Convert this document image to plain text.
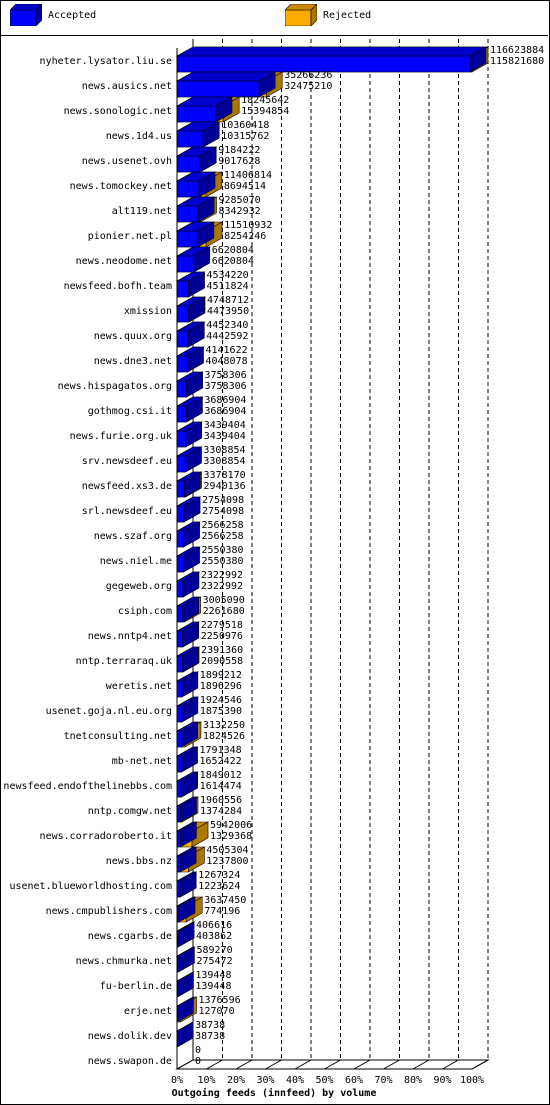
Accepted	Rejected
0% 10% 20% 30% 40% 50% 60% 70% 80% 90% 100%
nyheter.lysator.liu.se
116623884
115821680
news.ausics.net
35266236
32475210
news.sonologic.net
18245642
15394854
news.1d4.us
10360418
10315762
news.usenet.ovh
9184222
9017628
news.tomockey.net
11406814
8694514
alt119.net
9285070
8342932
pionier.net.pl
11510932
8254246
news.neodome.net
6620804
6620804
newsfeed.bofh.team
4534220
4511824
xmission
4748712
4473950
news.quux.org
4452340
4442592
news.dne3.net
4141622
4048078
news.hispagatos.org
3758306
3758306
gothmog.csi.it
3686904
3686904
news.furie.org.uk
3439404
3439404
srv.newsdeef.eu
3308854
3308854
newsfeed.xs3.de
3378170
2940136
srl.newsdeef.eu
2754098
2754098
news.szaf.org
2566258
2566258
news.niel.me
2550380
2550380
gegeweb.org
2322992
2322992
csiph.com
3005090
2261680
news.nntp4.net
2279518
2250976
nntp.terraraq.uk
2391360
2090558
weretis.net
1899212
1896296
usenet.goja.nl.eu.org
1924546
1875390
tnetconsulting.net
3132250
1824526
mb-net.net
1791348
1652422
newsfeed.endofthelinebbs.com
1849012
1614474
nntp.comgw.net
1960556
1374284
news.corradoroberto.it
5942006
1329368
news.bbs.nz
4505304
1237800
usenet.blueworldhosting.com
1267324
1223624
news.cmpublishers.com
3637450
774196
news.cgarbs.de
406616
403862
news.chmurka.net
589270
275472
fu-berlin.de
139448
139448
erje.net
1376596
127070
news.dolik.dev
38738
38738
news.swapon.de
0
0
Outgoing feeds (innfeed) by volume
